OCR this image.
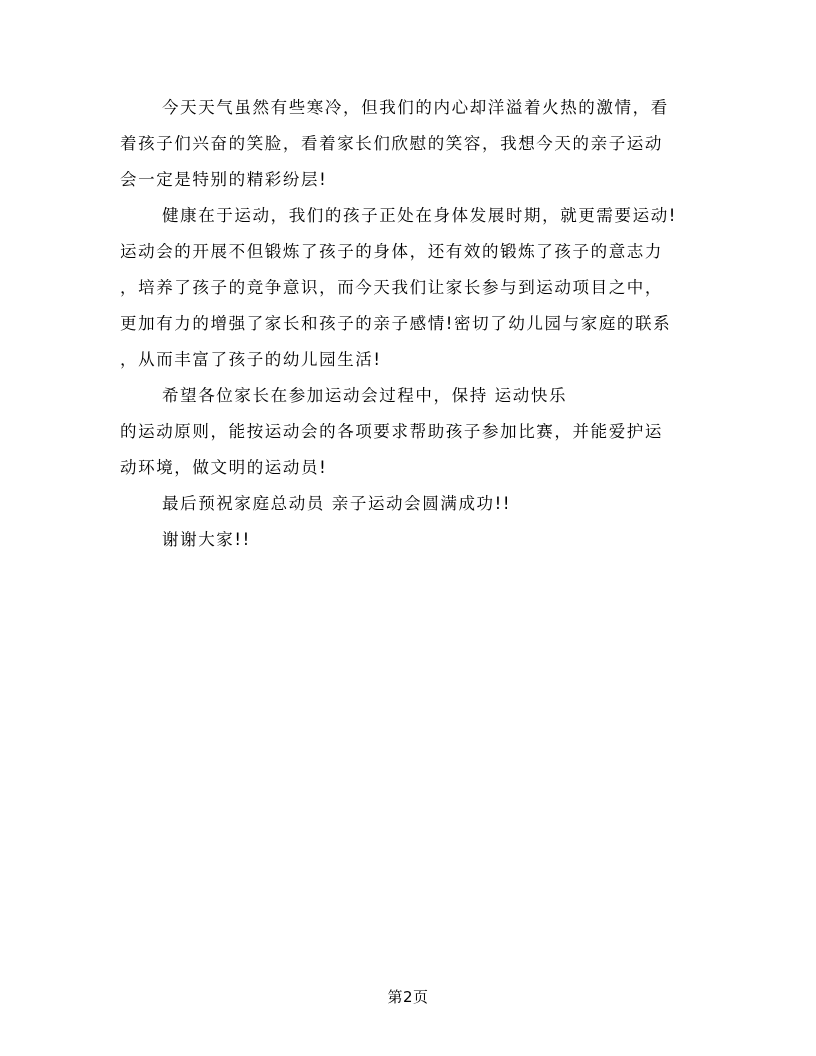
今天天气虽然有些寒冷，但我们的内心却洋溢着火热的激情，看
着孩子们兴奋的笑脸，看着家长们欣慰的笑容，我想今天的亲子运动
会一定是特别的精彩纷层!
健康在于运动，我们的孩子正处在身体发展时期，就更需要运动!
运动会的开展不但锻炼了孩子的身体，还有效的锻炼了孩子的意志力
，培养了孩子的竞争意识，而今天我们让家长参与到运动项目之中，
更加有力的增强了家长和孩子的亲子感情!密切了幼儿园与家庭的联系
，从而丰富了孩子的幼儿园生活!
希望各位家长在参加运动会过程中，保持 运动快乐
的运动原则，能按运动会的各项要求帮助孩子参加比赛，并能爱护运
动环境，做文明的运动员!
最后预祝家庭总动员 亲子运动会圆满成功!!
谢谢大家!!
第2页
